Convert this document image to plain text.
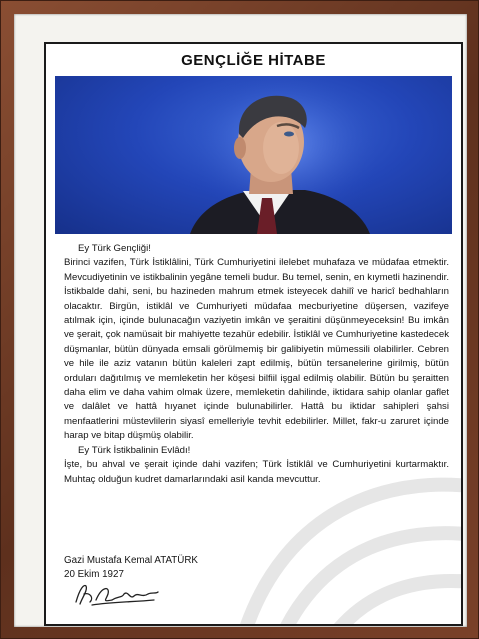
GENÇLİĞE HİTABE

Ey Türk Gençliği!

Birinci vazifen, Türk İstiklâlini, Türk Cumhuriyetini ilelebet muhafaza ve müdafaa etmektir. Mevcudiyetinin ve istikbalinin yegâne temeli budur. Bu temel, senin, en kıymetli hazinendir. İstikbalde dahi, seni, bu hazineden mahrum etmek isteyecek dahilî ve haricî bedhahların olacaktır. Birgün, istiklâl ve Cumhuriyeti müdafaa mecburiyetine düşersen, vazifeye atılmak için, içinde bulunacağın vaziyetin imkân ve şeraitini düşünmeyeceksin! Bu imkân ve şerait, çok namüsait bir mahiyette tezahür edebilir. İstiklâl ve Cumhuriyetine kastedecek düşmanlar, bütün dünyada emsali görülmemiş bir galibiyetin mümessili olabilirler. Cebren ve hile ile aziz vatanın bütün kaleleri zapt edilmiş, bütün tersanelerine girilmiş, bütün orduları dağıtılmış ve memleketin her köşesi bilfiil işgal edilmiş olabilir. Bütün bu şeraitten daha elim ve daha vahim olmak üzere, memleketin dahilinde, iktidara sahip olanlar gaflet ve dalâlet ve hattâ hıyanet içinde bulunabilirler. Hattâ bu iktidar sahipleri şahsi menfaatlerini müstevlilerin siyasî emelleriyle tevhit edebilirler. Millet, fakr-u zaruret içinde harap ve bitap düşmüş olabilir.

Ey Türk İstikbalinin Evlâdı!

İşte, bu ahval ve şerait içinde dahi vazifen; Türk İstiklâl ve Cumhuriyetini kurtarmaktır. Muhtaç olduğun kudret damarlarındaki asil kanda mevcuttur.

Gazi Mustafa Kemal ATATÜRK
20 Ekim 1927
